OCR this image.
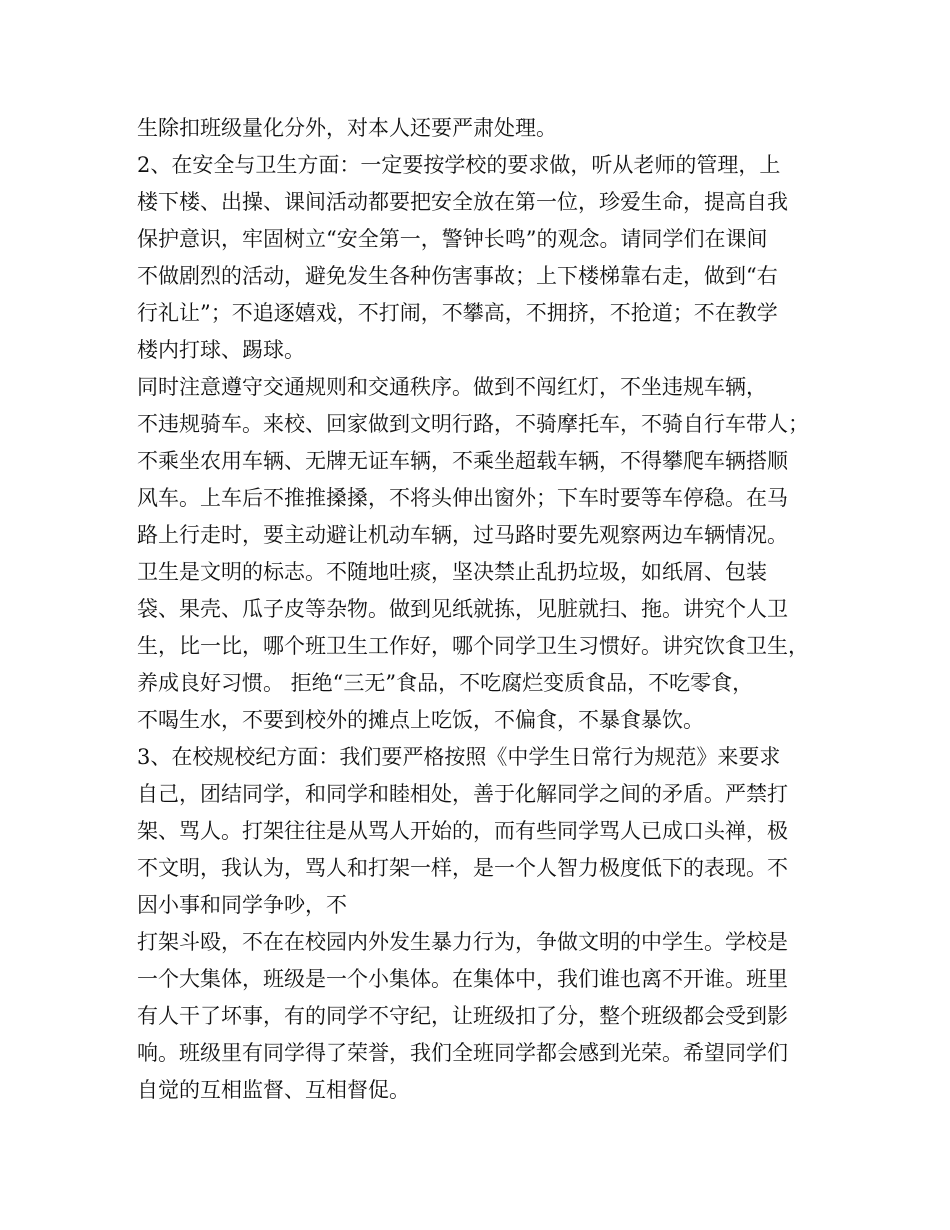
生除扣班级量化分外，对本人还要严肃处理。
2、在安全与卫生方面：一定要按学校的要求做，听从老师的管理，上
楼下楼、出操、课间活动都要把安全放在第一位，珍爱生命，提高自我
保护意识，牢固树立“安全第一，警钟长鸣”的观念。请同学们在课间
不做剧烈的活动，避免发生各种伤害事故；上下楼梯靠右走，做到“右
行礼让”；不追逐嬉戏，不打闹，不攀高，不拥挤，不抢道；不在教学
楼内打球、踢球。
同时注意遵守交通规则和交通秩序。做到不闯红灯，不坐违规车辆，
不违规骑车。来校、回家做到文明行路，不骑摩托车，不骑自行车带人；
不乘坐农用车辆、无牌无证车辆，不乘坐超载车辆，不得攀爬车辆搭顺
风车。上车后不推推搡搡，不将头伸出窗外；下车时要等车停稳。在马
路上行走时，要主动避让机动车辆，过马路时要先观察两边车辆情况。
卫生是文明的标志。不随地吐痰，坚决禁止乱扔垃圾，如纸屑、包装
袋、果壳、瓜子皮等杂物。做到见纸就拣，见脏就扫、拖。讲究个人卫
生，比一比，哪个班卫生工作好，哪个同学卫生习惯好。讲究饮食卫生，
养成良好习惯。 拒绝“三无”食品，不吃腐烂变质食品，不吃零食，
不喝生水，不要到校外的摊点上吃饭，不偏食，不暴食暴饮。
3、在校规校纪方面：我们要严格按照《中学生日常行为规范》来要求
自己，团结同学，和同学和睦相处，善于化解同学之间的矛盾。严禁打
架、骂人。打架往往是从骂人开始的，而有些同学骂人已成口头禅，极
不文明，我认为，骂人和打架一样，是一个人智力极度低下的表现。不
因小事和同学争吵，不
打架斗殴，不在在校园内外发生暴力行为，争做文明的中学生。学校是
一个大集体，班级是一个小集体。在集体中，我们谁也离不开谁。班里
有人干了坏事，有的同学不守纪，让班级扣了分，整个班级都会受到影
响。班级里有同学得了荣誉，我们全班同学都会感到光荣。希望同学们
自觉的互相监督、互相督促。
